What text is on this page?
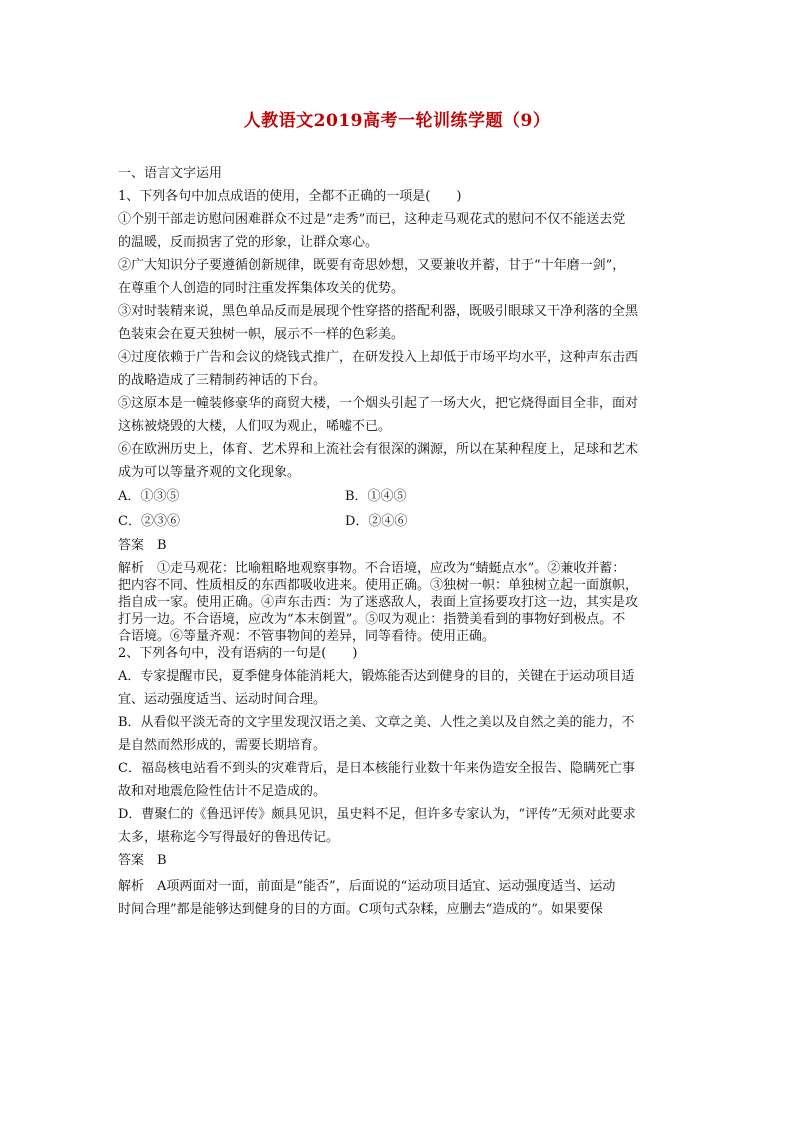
人教语文2019高考一轮训练学题（9）
一、语言文字运用
1、下列各句中加点成语的使用，全都不正确的一项是(　　)
①个别干部走访慰问困难群众不过是“走秀”而已，这种走马观花式的慰问不仅不能送去党
的温暖，反而损害了党的形象，让群众寒心。
②广大知识分子要遵循创新规律，既要有奇思妙想，又要兼收并蓄，甘于“十年磨一剑”，
在尊重个人创造的同时注重发挥集体攻关的优势。
③对时装精来说，黑色单品反而是展现个性穿搭的搭配利器，既吸引眼球又干净利落的全黑
色装束会在夏天独树一帜，展示不一样的色彩美。
④过度依赖于广告和会议的烧钱式推广，在研发投入上却低于市场平均水平，这种声东击西
的战略造成了三精制药神话的下台。
⑤这原本是一幢装修豪华的商贸大楼，一个烟头引起了一场大火，把它烧得面目全非，面对
这栋被烧毁的大楼，人们叹为观止，唏嘘不已。
⑥在欧洲历史上，体育、艺术界和上流社会有很深的渊源，所以在某种程度上，足球和艺术
成为可以等量齐观的文化现象。
A．①③⑤	B．①④⑤
C．②③⑥	D．②④⑥
答案　B
解析　①走马观花：比喻粗略地观察事物。不合语境，应改为“蜻蜓点水”。②兼收并蓄：
把内容不同、性质相反的东西都吸收进来。使用正确。③独树一帜：单独树立起一面旗帜，
指自成一家。使用正确。④声东击西：为了迷惑敌人，表面上宣扬要攻打这一边，其实是攻
打另一边。不合语境，应改为“本末倒置”。⑤叹为观止：指赞美看到的事物好到极点。不
合语境。⑥等量齐观：不管事物间的差异，同等看待。使用正确。
2、下列各句中，没有语病的一句是(　　)
A．专家提醒市民，夏季健身体能消耗大，锻炼能否达到健身的目的，关键在于运动项目适
宜、运动强度适当、运动时间合理。
B．从看似平淡无奇的文字里发现汉语之美、文章之美、人性之美以及自然之美的能力，不
是自然而然形成的，需要长期培育。
C．福岛核电站看不到头的灾难背后，是日本核能行业数十年来伪造安全报告、隐瞒死亡事
故和对地震危险性估计不足造成的。
D．曹聚仁的《鲁迅评传》颇具见识，虽史料不足，但许多专家认为，“评传”无须对此要求
太多，堪称迄今写得最好的鲁迅传记。
答案　B
解析　A项两面对一面，前面是“能否”，后面说的“运动项目适宜、运动强度适当、运动
时间合理”都是能够达到健身的目的方面。C项句式杂糅，应删去“造成的”。如果要保
